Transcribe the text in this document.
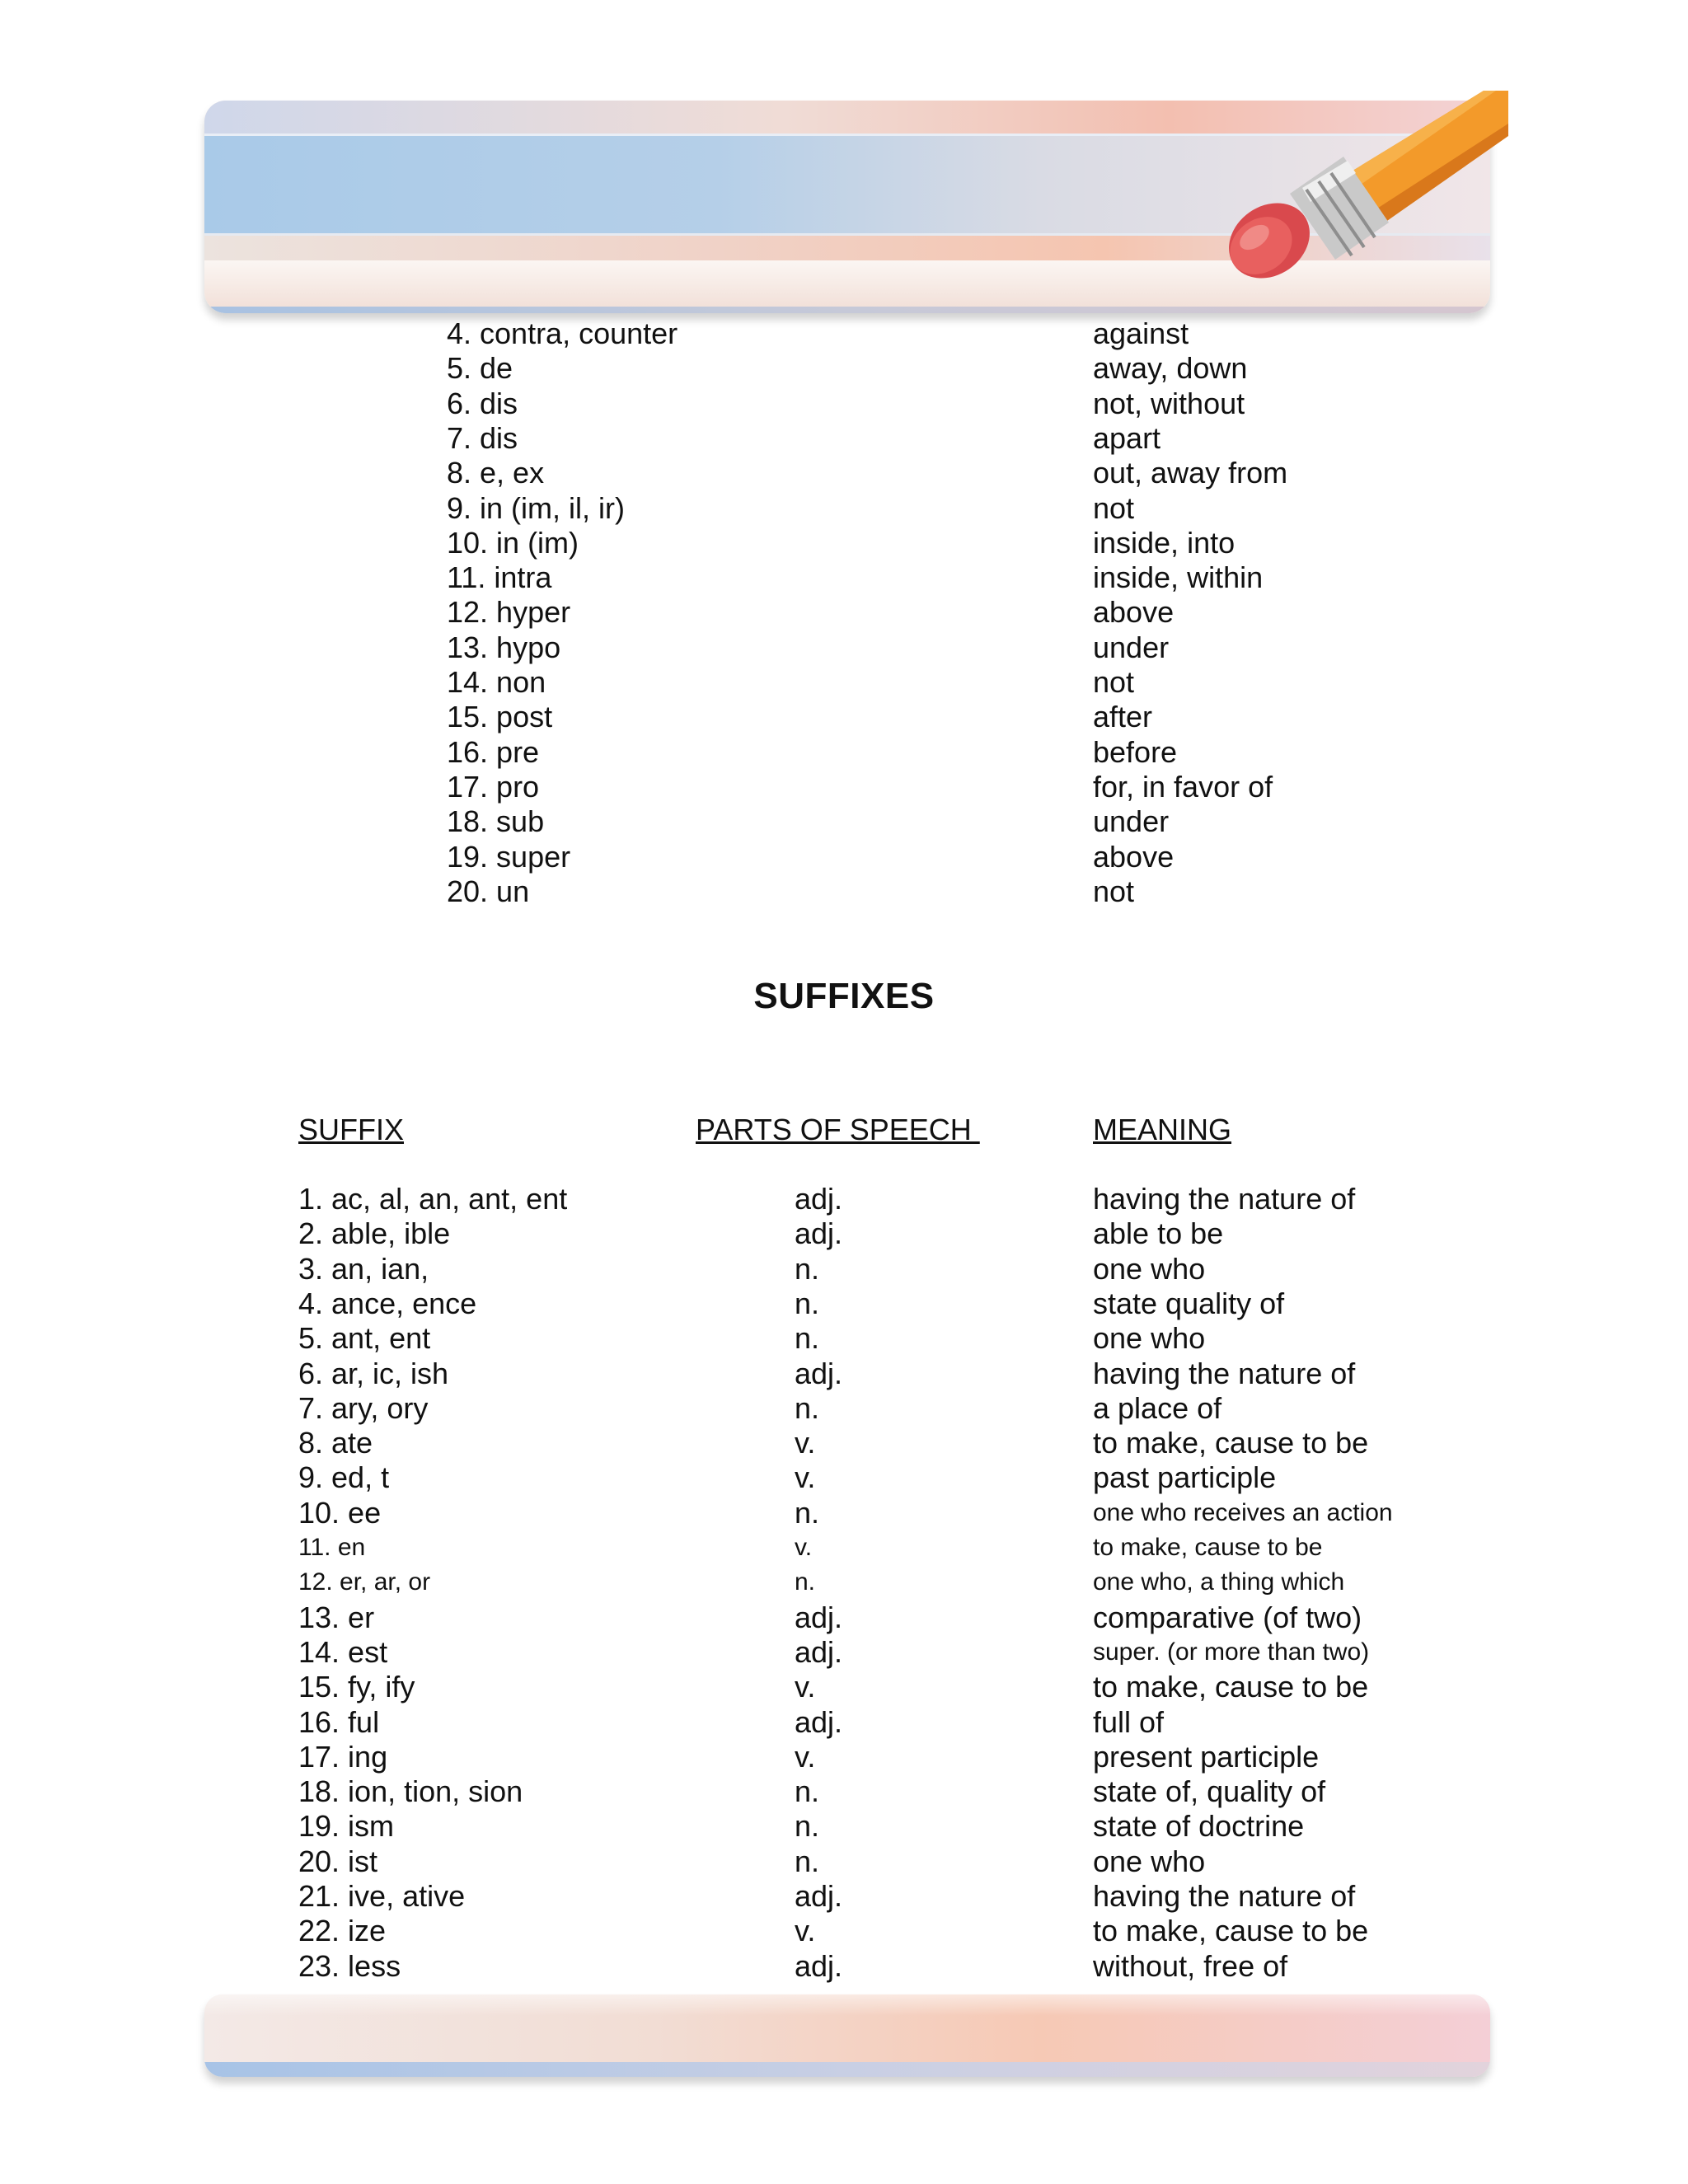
4. contra, counter	against
5. de	away, down
6. dis	not, without
7. dis	apart
8. e, ex	out, away from
9. in (im, il, ir)	not
10. in (im)	inside, into
11. intra	inside, within
12. hyper	above
13. hypo	under
14. non	not
15. post	after
16. pre	before
17. pro	for, in favor of
18. sub	under
19. super	above
20. un	not
SUFFIXES
SUFFIX	PARTS OF SPEECH	MEANING
1. ac, al, an, ant, ent	adj.	having the nature of
2. able, ible	adj.	able to be
3. an, ian,	n.	one who
4. ance, ence	n.	state quality of
5. ant, ent	n.	one who
6. ar, ic, ish	adj.	having the nature of
7. ary, ory	n.	a place of
8. ate	v.	to make, cause to be
9. ed, t	v.	past participle
10. ee	n.	one who receives an action
11. en	v.	to make, cause to be
12. er, ar, or	n.	one who, a thing which
13. er	adj.	comparative (of two)
14. est	adj.	super. (or more than two)
15. fy, ify	v.	to make, cause to be
16. ful	adj.	full of
17. ing	v.	present participle
18. ion, tion, sion	n.	state of, quality of
19. ism	n.	state of doctrine
20. ist	n.	one who
21. ive, ative	adj.	having the nature of
22. ize	v.	to make, cause to be
23. less	adj.	without, free of
